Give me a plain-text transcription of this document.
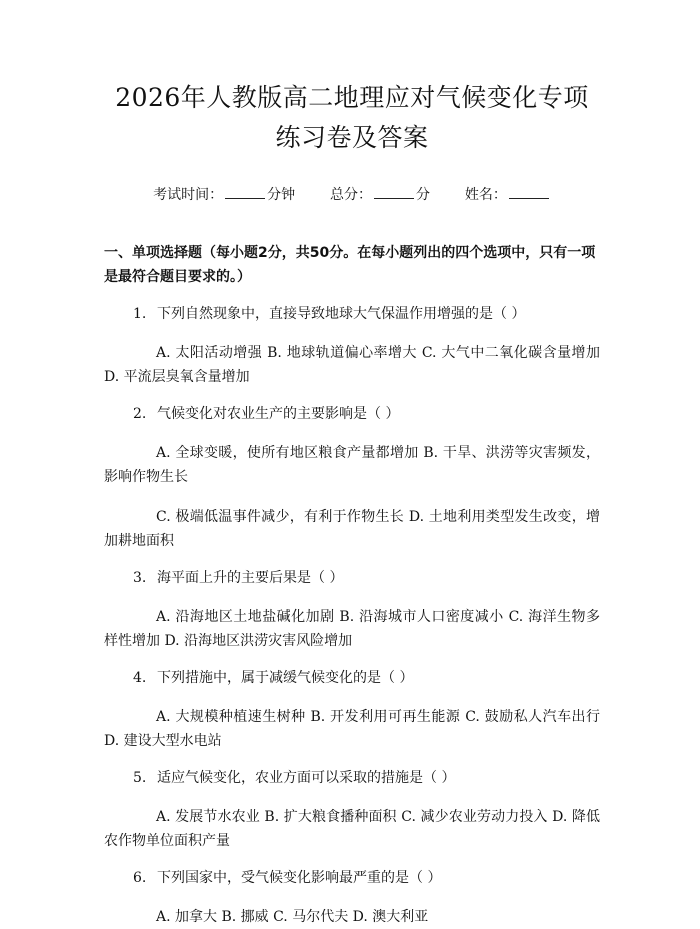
2026年人教版高二地理应对气候变化专项练习卷及答案
考试时间：	分钟 总分：	分 姓名：
一、单项选择题（每小题2分，共50分。在每小题列出的四个选项中，只有一项是最符合题目要求的。）
1. 下列自然现象中，直接导致地球大气保温作用增强的是（ ）
A. 太阳活动增强 B. 地球轨道偏心率增大 C. 大气中二氧化碳含量增加 D. 平流层臭氧含量增加
2. 气候变化对农业生产的主要影响是（ ）
A. 全球变暖，使所有地区粮食产量都增加 B. 干旱、洪涝等灾害频发，影响作物生长
C. 极端低温事件减少，有利于作物生长 D. 土地利用类型发生改变，增加耕地面积
3. 海平面上升的主要后果是（ ）
A. 沿海地区土地盐碱化加剧 B. 沿海城市人口密度减小 C. 海洋生物多样性增加 D. 沿海地区洪涝灾害风险增加
4. 下列措施中，属于减缓气候变化的是（ ）
A. 大规模种植速生树种 B. 开发利用可再生能源 C. 鼓励私人汽车出行 D. 建设大型水电站
5. 适应气候变化，农业方面可以采取的措施是（ ）
A. 发展节水农业 B. 扩大粮食播种面积 C. 减少农业劳动力投入 D. 降低农作物单位面积产量
6. 下列国家中，受气候变化影响最严重的是（ ）
A. 加拿大 B. 挪威 C. 马尔代夫 D. 澳大利亚
